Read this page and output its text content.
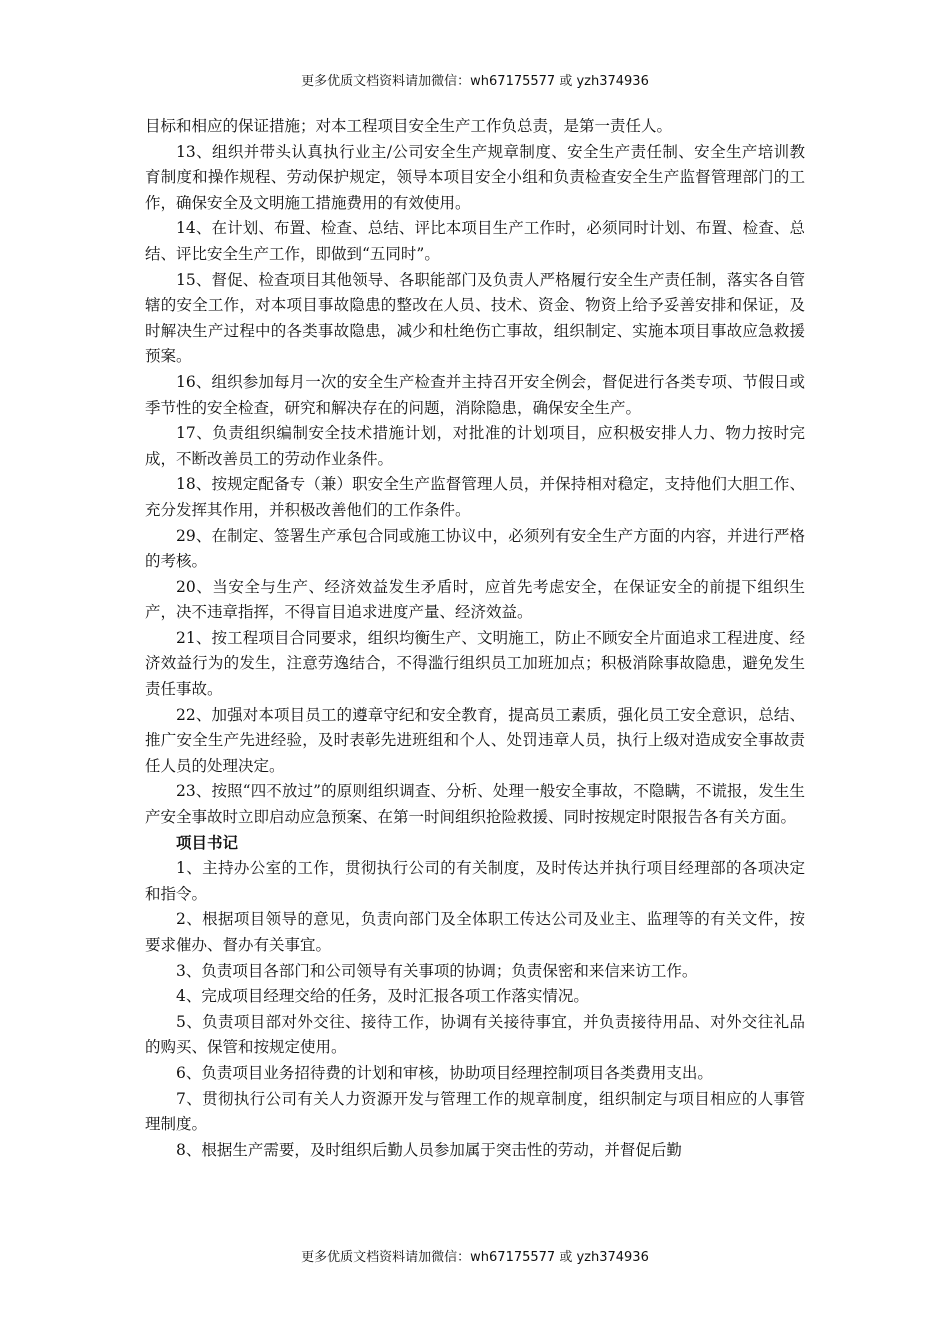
更多优质文档资料请加微信：wh67175577 或 yzh374936

目标和相应的保证措施；对本工程项目安全生产工作负总责，是第一责任人。

13、组织并带头认真执行业主/公司安全生产规章制度、安全生产责任制、安全生产培训教育制度和操作规程、劳动保护规定，领导本项目安全小组和负责检查安全生产监督管理部门的工作，确保安全及文明施工措施费用的有效使用。

14、在计划、布置、检查、总结、评比本项目生产工作时，必须同时计划、布置、检查、总结、评比安全生产工作，即做到“五同时”。

15、督促、检查项目其他领导、各职能部门及负责人严格履行安全生产责任制，落实各自管辖的安全工作，对本项目事故隐患的整改在人员、技术、资金、物资上给予妥善安排和保证，及时解决生产过程中的各类事故隐患，减少和杜绝伤亡事故，组织制定、实施本项目事故应急救援预案。

16、组织参加每月一次的安全生产检查并主持召开安全例会，督促进行各类专项、节假日或季节性的安全检查，研究和解决存在的问题，消除隐患，确保安全生产。

17、负责组织编制安全技术措施计划，对批准的计划项目，应积极安排人力、物力按时完成，不断改善员工的劳动作业条件。

18、按规定配备专（兼）职安全生产监督管理人员，并保持相对稳定，支持他们大胆工作、充分发挥其作用，并积极改善他们的工作条件。

29、在制定、签署生产承包合同或施工协议中，必须列有安全生产方面的内容，并进行严格的考核。

20、当安全与生产、经济效益发生矛盾时，应首先考虑安全，在保证安全的前提下组织生产，决不违章指挥，不得盲目追求进度产量、经济效益。

21、按工程项目合同要求，组织均衡生产、文明施工，防止不顾安全片面追求工程进度、经济效益行为的发生，注意劳逸结合，不得滥行组织员工加班加点；积极消除事故隐患，避免发生责任事故。

22、加强对本项目员工的遵章守纪和安全教育，提高员工素质，强化员工安全意识，总结、推广安全生产先进经验，及时表彰先进班组和个人、处罚违章人员，执行上级对造成安全事故责任人员的处理决定。

23、按照“四不放过”的原则组织调查、分析、处理一般安全事故，不隐瞒，不谎报，发生生产安全事故时立即启动应急预案、在第一时间组织抢险救援、同时按规定时限报告各有关方面。

项目书记

1、主持办公室的工作，贯彻执行公司的有关制度，及时传达并执行项目经理部的各项决定和指令。

2、根据项目领导的意见，负责向部门及全体职工传达公司及业主、监理等的有关文件，按要求催办、督办有关事宜。

3、负责项目各部门和公司领导有关事项的协调；负责保密和来信来访工作。

4、完成项目经理交给的任务，及时汇报各项工作落实情况。

5、负责项目部对外交往、接待工作，协调有关接待事宜，并负责接待用品、对外交往礼品的购买、保管和按规定使用。

6、负责项目业务招待费的计划和审核，协助项目经理控制项目各类费用支出。

7、贯彻执行公司有关人力资源开发与管理工作的规章制度，组织制定与项目相应的人事管理制度。

8、根据生产需要，及时组织后勤人员参加属于突击性的劳动，并督促后勤

更多优质文档资料请加微信：wh67175577 或 yzh374936
